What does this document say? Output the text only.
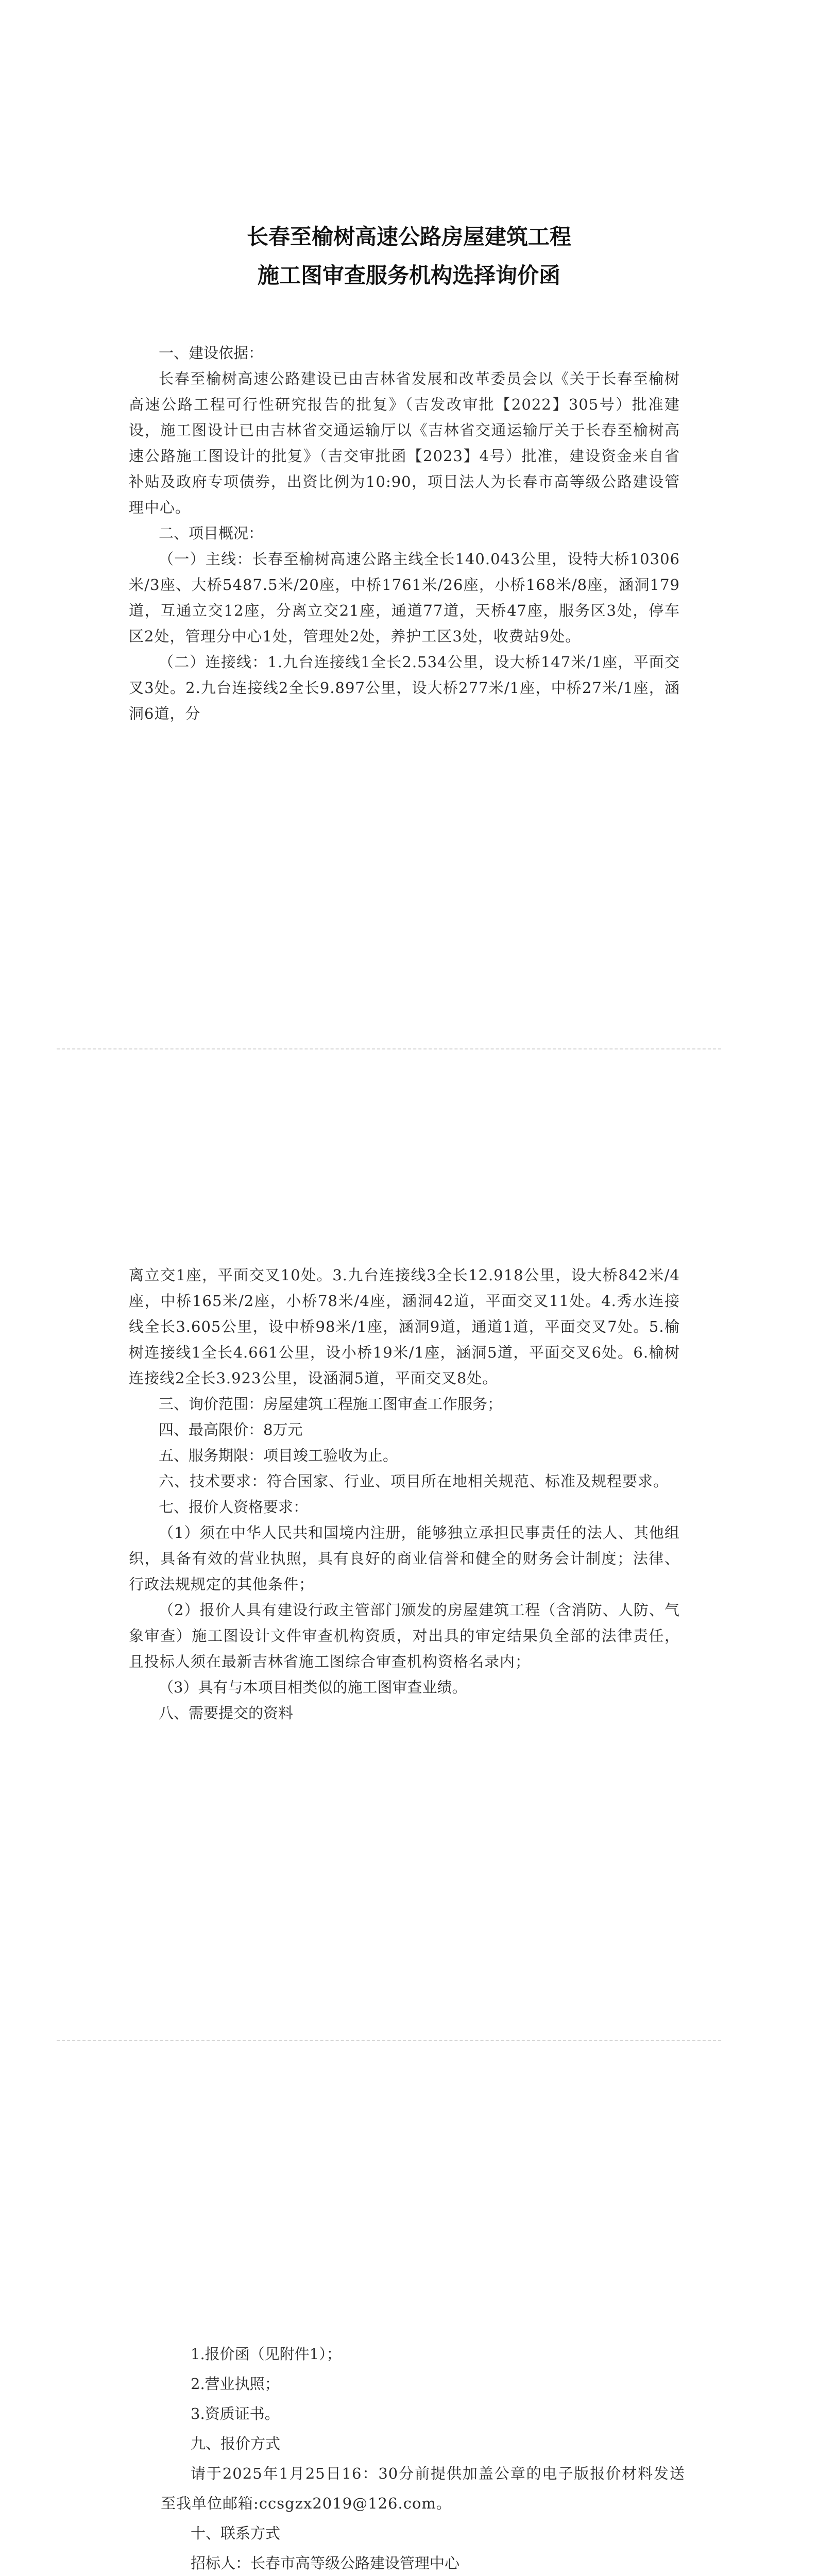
长春至榆树高速公路房屋建筑工程
施工图审查服务机构选择询价函

一、建设依据：

长春至榆树高速公路建设已由吉林省发展和改革委员会以《关于长春至榆树高速公路工程可行性研究报告的批复》（吉发改审批【2022】305号）批准建设，施工图设计已由吉林省交通运输厅以《吉林省交通运输厅关于长春至榆树高速公路施工图设计的批复》（吉交审批函【2023】4号）批准，建设资金来自省补贴及政府专项债券，出资比例为10:90，项目法人为长春市高等级公路建设管理中心。

二、项目概况：

（一）主线：长春至榆树高速公路主线全长140.043公里，设特大桥10306米/3座、大桥5487.5米/20座，中桥1761米/26座，小桥168米/8座，涵洞179道，互通立交12座，分离立交21座，通道77道，天桥47座，服务区3处，停车区2处，管理分中心1处，管理处2处，养护工区3处，收费站9处。

（二）连接线：1.九台连接线1全长2.534公里，设大桥147米/1座，平面交叉3处。2.九台连接线2全长9.897公里，设大桥277米/1座，中桥27米/1座，涵洞6道，分

离立交1座，平面交叉10处。3.九台连接线3全长12.918公里，设大桥842米/4座，中桥165米/2座，小桥78米/4座，涵洞42道，平面交叉11处。4.秀水连接线全长3.605公里，设中桥98米/1座，涵洞9道，通道1道，平面交叉7处。5.榆树连接线1全长4.661公里，设小桥19米/1座，涵洞5道，平面交叉6处。6.榆树连接线2全长3.923公里，设涵洞5道，平面交叉8处。

三、询价范围：房屋建筑工程施工图审查工作服务；

四、最高限价：8万元

五、服务期限：项目竣工验收为止。

六、技术要求：符合国家、行业、项目所在地相关规范、标准及规程要求。

七、报价人资格要求：

（1）须在中华人民共和国境内注册，能够独立承担民事责任的法人、其他组织，具备有效的营业执照，具有良好的商业信誉和健全的财务会计制度；法律、行政法规规定的其他条件；

（2）报价人具有建设行政主管部门颁发的房屋建筑工程（含消防、人防、气象审查）施工图设计文件审查机构资质，对出具的审定结果负全部的法律责任，且投标人须在最新吉林省施工图综合审查机构资格名录内；

（3）具有与本项目相类似的施工图审查业绩。

八、需要提交的资料

1.报价函（见附件1）；

2.营业执照；

3.资质证书。

九、报价方式

请于2025年1月25日16：30分前提供加盖公章的电子版报价材料发送至我单位邮箱:ccsgzx2019@126.com。

十、联系方式

招标人：长春市高等级公路建设管理中心
